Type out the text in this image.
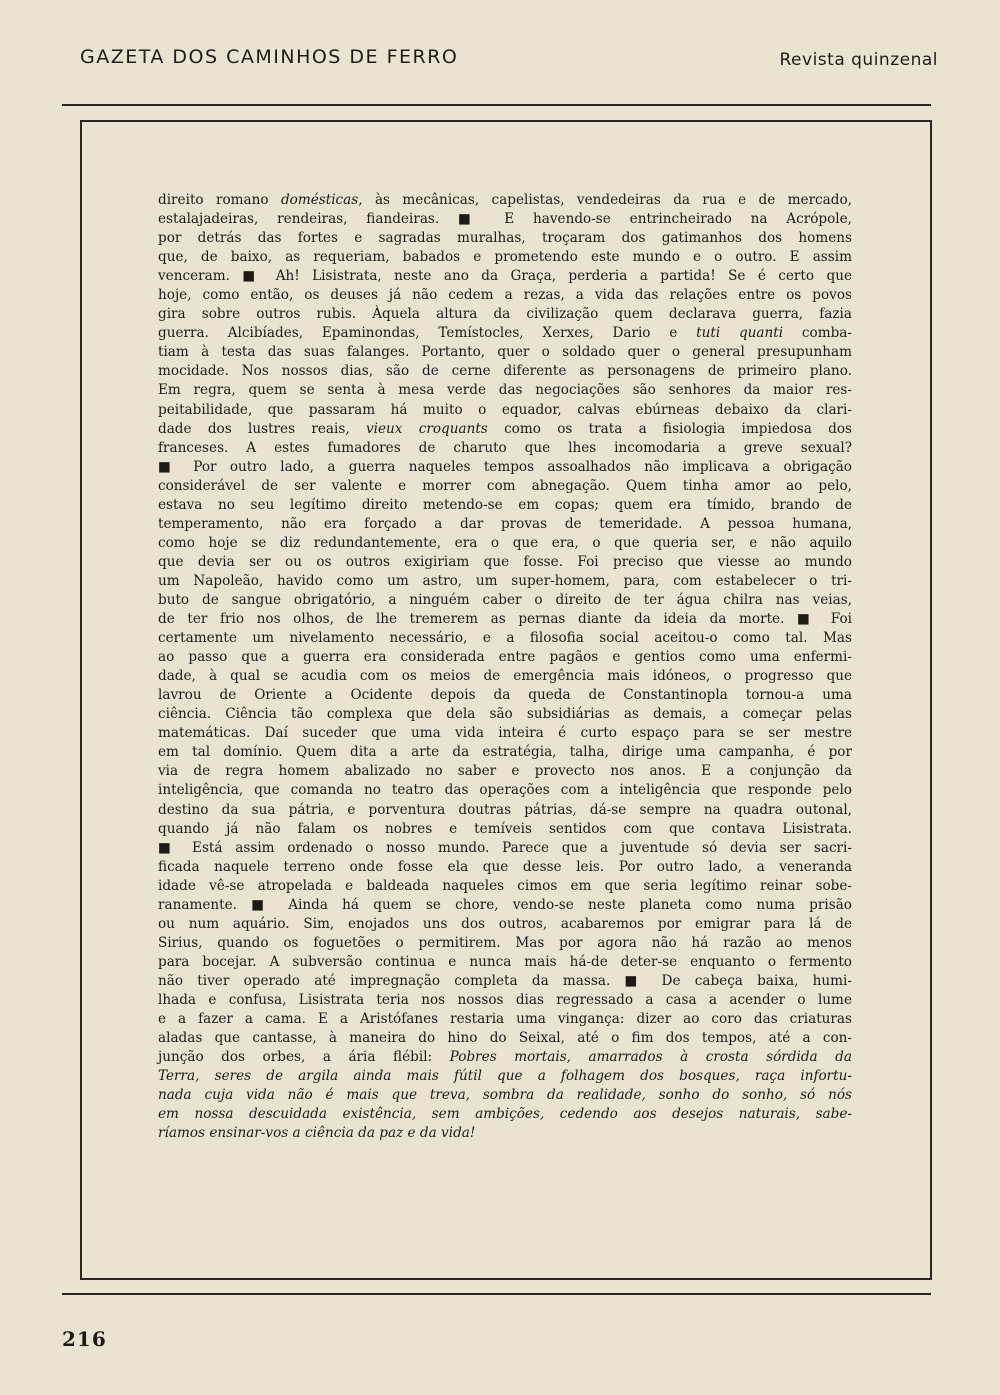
GAZETA DOS CAMINHOS DE FERRO	Revista quinzenal
direito romano domésticas, às mecânicas, capelistas, vendedeiras da rua e de mercado,
estalajadeiras, rendeiras, fiandeiras. ■ E havendo-se entrincheirado na Acrópole,
por detrás das fortes e sagradas muralhas, troçaram dos gatimanhos dos homens
que, de baixo, as requeriam, babados e prometendo este mundo e o outro. E assim
venceram. ■ Ah! Lisistrata, neste ano da Graça, perderia a partida! Se é certo que
hoje, como então, os deuses já não cedem a rezas, a vida das relações entre os povos
gira sobre outros rubis. Àquela altura da civilização quem declarava guerra, fazia
guerra. Alcibíades, Epaminondas, Temístocles, Xerxes, Dario e tuti quanti comba-
tiam à testa das suas falanges. Portanto, quer o soldado quer o general presupunham
mocidade. Nos nossos dias, são de cerne diferente as personagens de primeiro plano.
Em regra, quem se senta à mesa verde das negociações são senhores da maior res-
peitabilidade, que passaram há muito o equador, calvas ebúrneas debaixo da clari-
dade dos lustres reais, vieux croquants como os trata a fisiologia impiedosa dos
franceses. A estes fumadores de charuto que lhes incomodaria a greve sexual?
■ Por outro lado, a guerra naqueles tempos assoalhados não implicava a obrigação
considerável de ser valente e morrer com abnegação. Quem tinha amor ao pelo,
estava no seu legítimo direito metendo-se em copas; quem era tímido, brando de
temperamento, não era forçado a dar provas de temeridade. A pessoa humana,
como hoje se diz redundantemente, era o que era, o que queria ser, e não aquilo
que devia ser ou os outros exigiriam que fosse. Foi preciso que viesse ao mundo
um Napoleão, havido como um astro, um super-homem, para, com estabelecer o tri-
buto de sangue obrigatório, a ninguém caber o direito de ter água chilra nas veias,
de ter frio nos olhos, de lhe tremerem as pernas diante da ideia da morte. ■ Foi
certamente um nivelamento necessário, e a filosofia social aceitou-o como tal. Mas
ao passo que a guerra era considerada entre pagãos e gentios como uma enfermi-
dade, à qual se acudia com os meios de emergência mais idóneos, o progresso que
lavrou de Oriente a Ocidente depois da queda de Constantinopla tornou-a uma
ciência. Ciência tão complexa que dela são subsidiárias as demais, a começar pelas
matemáticas. Daí suceder que uma vida inteira é curto espaço para se ser mestre
em tal domínio. Quem dita a arte da estratégia, talha, dirige uma campanha, é por
via de regra homem abalizado no saber e provecto nos anos. E a conjunção da
inteligência, que comanda no teatro das operações com a inteligência que responde pelo
destino da sua pátria, e porventura doutras pátrias, dá-se sempre na quadra outonal,
quando já não falam os nobres e temíveis sentidos com que contava Lisistrata.
■ Está assim ordenado o nosso mundo. Parece que a juventude só devia ser sacri-
ficada naquele terreno onde fosse ela que desse leis. Por outro lado, a veneranda
idade vê-se atropelada e baldeada naqueles cimos em que seria legítimo reinar sobe-
ranamente. ■ Ainda há quem se chore, vendo-se neste planeta como numa prisão
ou num aquário. Sim, enojados uns dos outros, acabaremos por emigrar para lá de
Sirius, quando os foguetões o permitirem. Mas por agora não há razão ao menos
para bocejar. A subversão continua e nunca mais há-de deter-se enquanto o fermento
não tiver operado até impregnação completa da massa. ■ De cabeça baixa, humi-
lhada e confusa, Lisistrata teria nos nossos dias regressado a casa a acender o lume
e a fazer a cama. E a Aristófanes restaria uma vingança: dizer ao coro das criaturas
aladas que cantasse, à maneira do hino do Seixal, até o fim dos tempos, até a con-
junção dos orbes, a ária flébil: Pobres mortais, amarrados à crosta sórdida da
Terra, seres de argila ainda mais fútil que a folhagem dos bosques, raça infortu-
nada cuja vida não é mais que treva, sombra da realidade, sonho do sonho, só nós
em nossa descuidada existência, sem ambições, cedendo aos desejos naturais, sabe-
ríamos ensinar-vos a ciência da paz e da vida!
216
